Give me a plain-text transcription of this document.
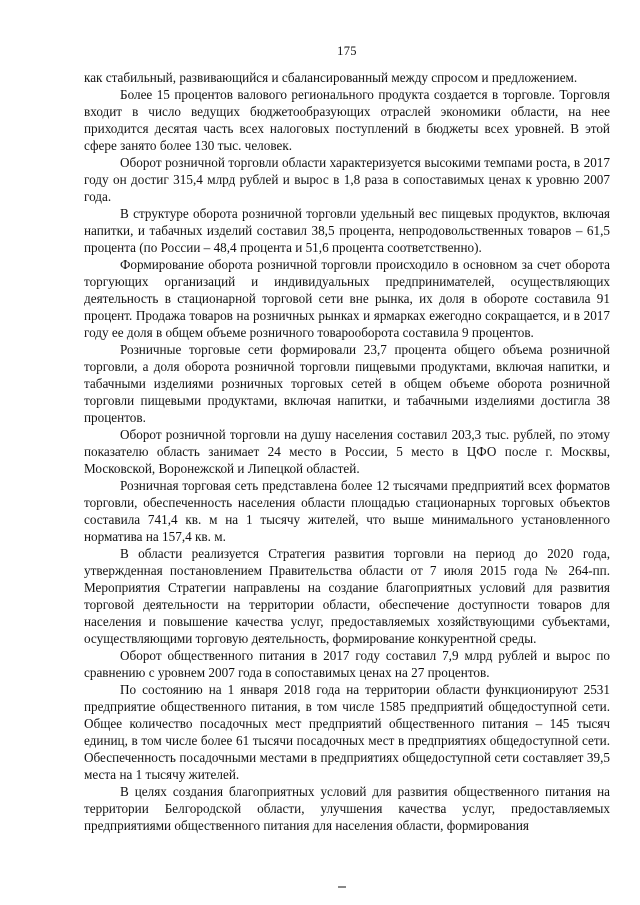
175

как стабильный, развивающийся и сбалансированный между спросом и предложением.

Более 15 процентов валового регионального продукта создается в торговле. Торговля входит в число ведущих бюджетообразующих отраслей экономики области, на нее приходится десятая часть всех налоговых поступлений в бюджеты всех уровней. В этой сфере занято более 130 тыс. человек.

Оборот розничной торговли области характеризуется высокими темпами роста, в 2017 году он достиг 315,4 млрд рублей и вырос в 1,8 раза в сопоставимых ценах к уровню 2007 года.

В структуре оборота розничной торговли удельный вес пищевых продуктов, включая напитки, и табачных изделий составил 38,5 процента, непродовольственных товаров – 61,5 процента (по России – 48,4 процента и 51,6 процента соответственно).

Формирование оборота розничной торговли происходило в основном за счет оборота торгующих организаций и индивидуальных предпринимателей, осуществляющих деятельность в стационарной торговой сети вне рынка, их доля в обороте составила 91 процент. Продажа товаров на розничных рынках и ярмарках ежегодно сокращается, и в 2017 году ее доля в общем объеме розничного товарооборота составила 9 процентов.

Розничные торговые сети формировали 23,7 процента общего объема розничной торговли, а доля оборота розничной торговли пищевыми продуктами, включая напитки, и табачными изделиями розничных торговых сетей в общем объеме оборота розничной торговли пищевыми продуктами, включая напитки, и табачными изделиями достигла 38 процентов.

Оборот розничной торговли на душу населения составил 203,3 тыс. рублей, по этому показателю область занимает 24 место в России, 5 место в ЦФО после г. Москвы, Московской, Воронежской и Липецкой областей.

Розничная торговая сеть представлена более 12 тысячами предприятий всех форматов торговли, обеспеченность населения области площадью стационарных торговых объектов составила 741,4 кв. м на 1 тысячу жителей, что выше минимального установленного норматива на 157,4 кв. м.

В области реализуется Стратегия развития торговли на период до 2020 года, утвержденная постановлением Правительства области от 7 июля 2015 года № 264-пп. Мероприятия Стратегии направлены на создание благоприятных условий для развития торговой деятельности на территории области, обеспечение доступности товаров для населения и повышение качества услуг, предоставляемых хозяйствующими субъектами, осуществляющими торговую деятельность, формирование конкурентной среды.

Оборот общественного питания в 2017 году составил 7,9 млрд рублей и вырос по сравнению с уровнем 2007 года в сопоставимых ценах на 27 процентов.

По состоянию на 1 января 2018 года на территории области функционируют 2531 предприятие общественного питания, в том числе 1585 предприятий общедоступной сети. Общее количество посадочных мест предприятий общественного питания – 145 тысяч единиц, в том числе более 61 тысячи посадочных мест в предприятиях общедоступной сети. Обеспеченность посадочными местами в предприятиях общедоступной сети составляет 39,5 места на 1 тысячу жителей.

В целях создания благоприятных условий для развития общественного питания на территории Белгородской области, улучшения качества услуг, предоставляемых предприятиями общественного питания для населения области, формирования
